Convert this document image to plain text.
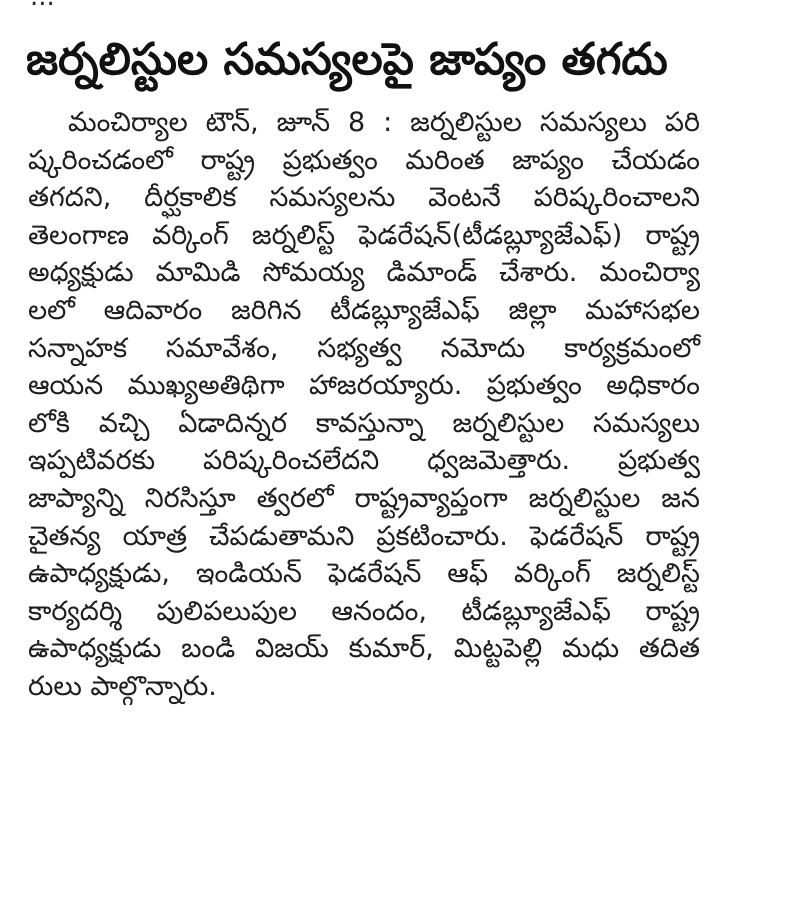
జర్నలిస్టుల సమస్యలపై జాప్యం తగదు
మంచిర్యాల టౌన్, జూన్ 8 : జర్నలిస్టుల సమస్యలు పరి
ష్కరించడంలో రాష్ట్ర ప్రభుత్వం మరింత జాప్యం చేయడం
తగదని, దీర్ఘకాలిక సమస్యలను వెంటనే పరిష్కరించాలని
తెలంగాణ వర్కింగ్ జర్నలిస్ట్ ఫెడరేషన్(టీడబ్ల్యూజేఎఫ్) రాష్ట్ర
అధ్యక్షుడు మామిడి సోమయ్య డిమాండ్ చేశారు. మంచిర్యా
లలో ఆదివారం జరిగిన టీడబ్ల్యూజేఎఫ్ జిల్లా మహాసభల
సన్నాహక సమావేశం, సభ్యత్వ నమోదు కార్యక్రమంలో
ఆయన ముఖ్యఅతిథిగా హాజరయ్యారు. ప్రభుత్వం అధికారం
లోకి వచ్చి ఏడాదిన్నర కావస్తున్నా జర్నలిస్టుల సమస్యలు
ఇప్పటివరకు పరిష్కరించలేదని ధ్వజమెత్తారు. ప్రభుత్వ
జాప్యాన్ని నిరసిస్తూ త్వరలో రాష్ట్రవ్యాప్తంగా జర్నలిస్టుల జన
చైతన్య యాత్ర చేపడుతామని ప్రకటించారు. ఫెడరేషన్ రాష్ట్ర
ఉపాధ్యక్షుడు, ఇండియన్ ఫెడరేషన్ ఆఫ్ వర్కింగ్ జర్నలిస్ట్
కార్యదర్శి పులిపలుపుల ఆనందం, టీడబ్ల్యూజేఎఫ్ రాష్ట్ర
ఉపాధ్యక్షుడు బండి విజయ్ కుమార్, మిట్టపెల్లి మధు తదిత
రులు పాల్గొన్నారు.
